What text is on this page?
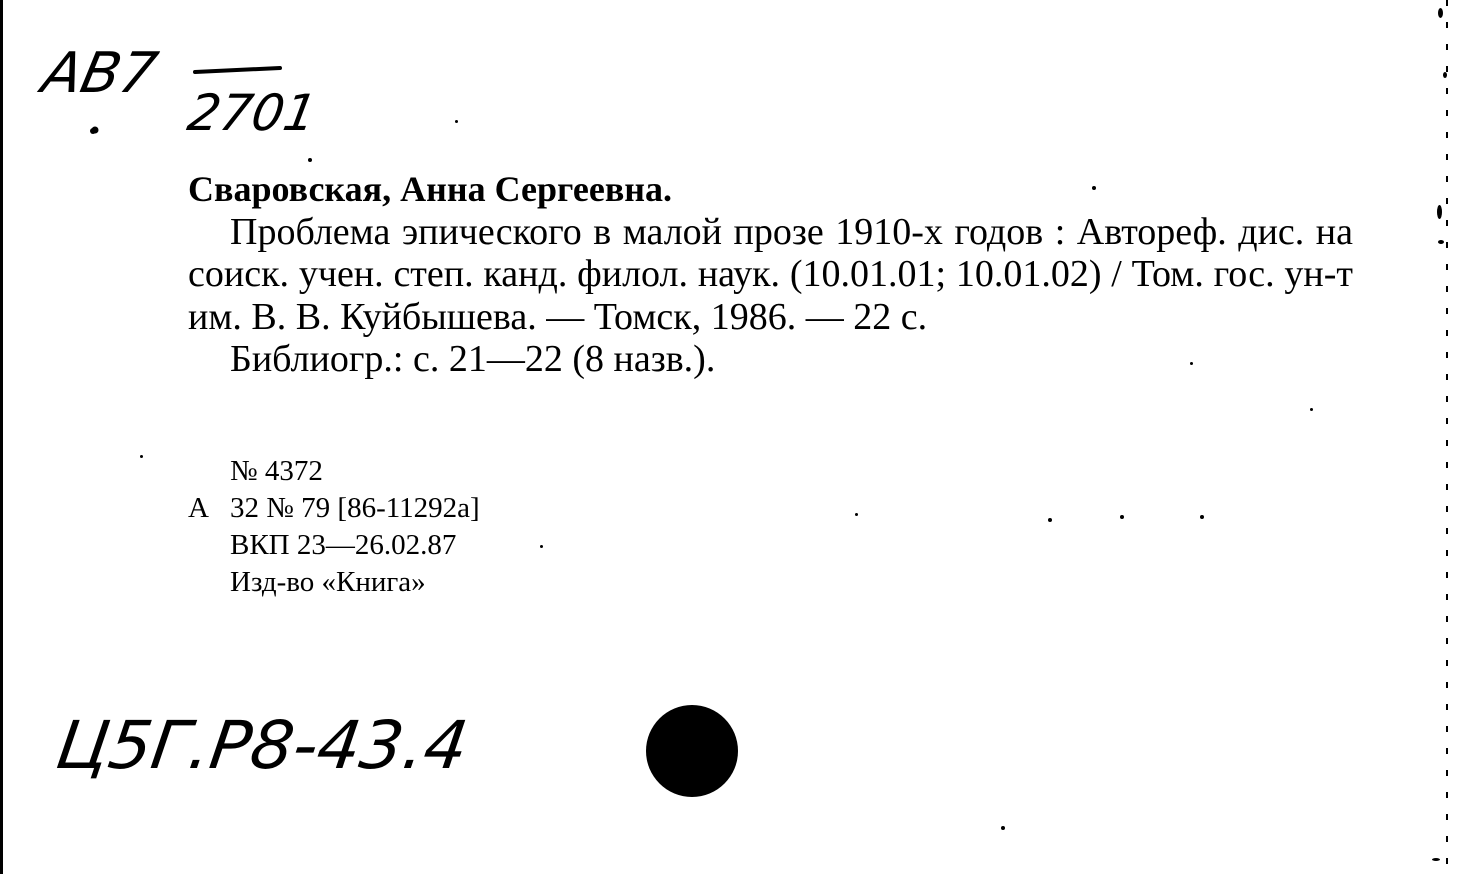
АВ7
2701
Сваровская, Анна Сергеевна.
Проблема эпического в малой прозе 1910-х годов : Автореф. дис. на соиск. учен. степ. канд. филол. наук. (10.01.01; 10.01.02) / Том. гос. ун-т им. В. В. Куйбышева. — Томск, 1986. — 22 с.
Библиогр.: с. 21—22 (8 назв.).
№ 4372
А 32 № 79 [86-11292а]
ВКП 23—26.02.87
Изд-во «Книга»
Ц5Г.Р8-43.4
